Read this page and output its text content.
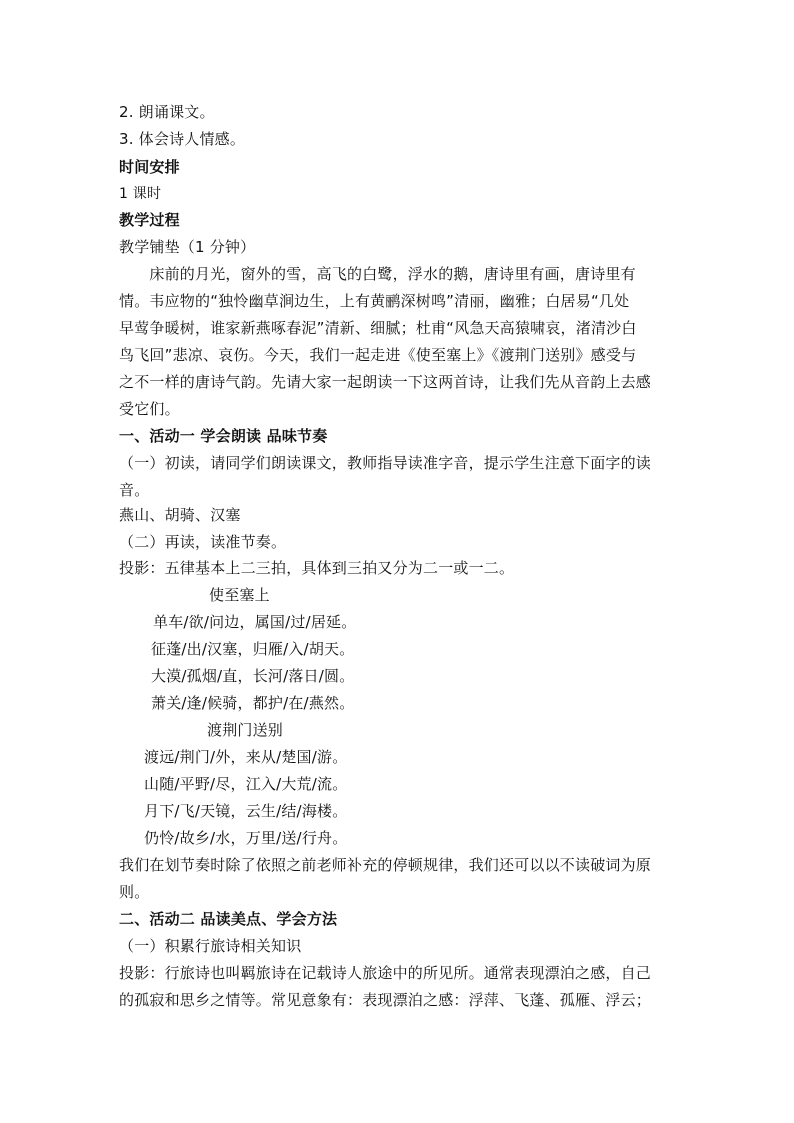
2. 朗诵课文。
3. 体会诗人情感。
时间安排
1 课时
教学过程
教学铺垫（1 分钟）
　　床前的月光，窗外的雪，高飞的白鹭，浮水的鹅，唐诗里有画，唐诗里有
情。韦应物的“独怜幽草涧边生，上有黄鹂深树鸣”清丽，幽雅；白居易“几处
早莺争暖树，谁家新燕啄春泥”清新、细腻；杜甫“风急天高猿啸哀，渚清沙白
鸟飞回”悲凉、哀伤。今天，我们一起走进《使至塞上》《渡荆门送别》感受与
之不一样的唐诗气韵。先请大家一起朗读一下这两首诗，让我们先从音韵上去感
受它们。
一、活动一 学会朗读 品味节奏
（一）初读，请同学们朗读课文，教师指导读准字音，提示学生注意下面字的读
音。
燕山、胡骑、汉塞
（二）再读，读准节奏。
投影：五律基本上二三拍，具体到三拍又分为二一或一二。
使至塞上
单车/欲/问边，属国/过/居延。
征蓬/出/汉塞，归雁/入/胡天。
大漠/孤烟/直，长河/落日/圆。
萧关/逢/候骑，都护/在/燕然。
渡荆门送别
渡远/荆门/外，来从/楚国/游。
山随/平野/尽，江入/大荒/流。
月下/飞/天镜，云生/结/海楼。
仍怜/故乡/水，万里/送/行舟。
我们在划节奏时除了依照之前老师补充的停顿规律，我们还可以以不读破词为原
则。
二、活动二 品读美点、学会方法
（一）积累行旅诗相关知识
投影：行旅诗也叫羁旅诗在记载诗人旅途中的所见所。通常表现漂泊之感，自己
的孤寂和思乡之情等。常见意象有：表现漂泊之感：浮萍、飞蓬、孤雁、浮云；
